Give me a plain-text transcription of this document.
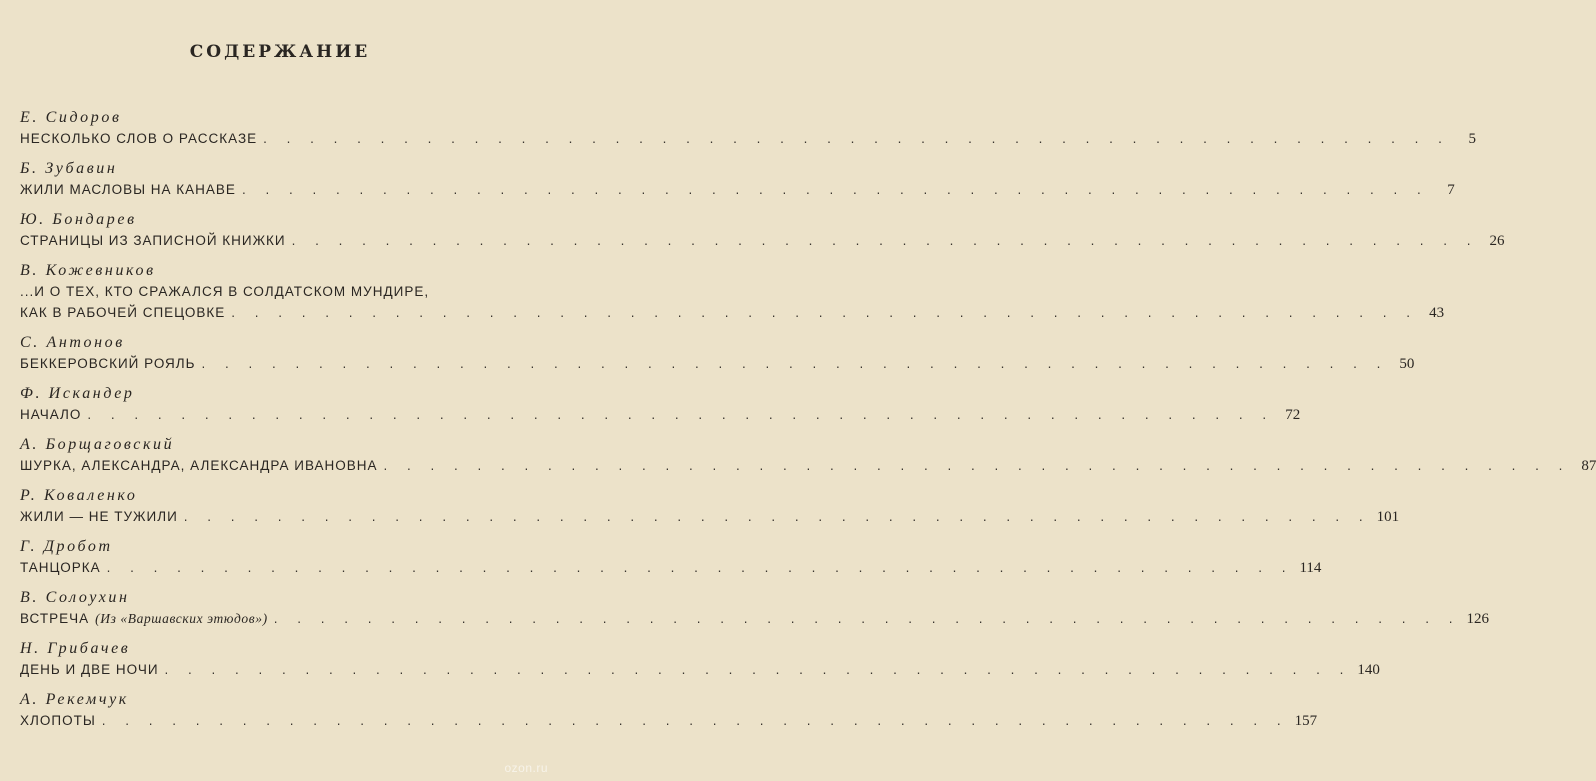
СОДЕРЖАНИЕ
Е. Сидоров
НЕСКОЛЬКО СЛОВ О РАССКАЗЕ . . . . . . . . . . . . . . . . . . . . . . . . . . . . . . . . . . . . . . . . . . . . . . . . . . .	5
Б. Зубавин
ЖИЛИ МАСЛОВЫ НА КАНАВЕ . . . . . . . . . . . . . . . . . . . . . . . . . . . . . . . . . . . . . . . . . . . . . . . . . . .	7
Ю. Бондарев
СТРАНИЦЫ ИЗ ЗАПИСНОЙ КНИЖКИ . . . . . . . . . . . . . . . . . . . . . . . . . . . . . . . . . . . . . . . . . . . . . . . . . . . 26
В. Кожевников
...И О ТЕХ, КТО СРАЖАЛСЯ В СОЛДАТСКОМ МУНДИРЕ,
КАК В РАБОЧЕЙ СПЕЦОВКЕ . . . . . . . . . . . . . . . . . . . . . . . . . . . . . . . . . . . . . . . . . . . . . . . . . . . 43
С. Антонов
БЕККЕРОВСКИЙ РОЯЛЬ . . . . . . . . . . . . . . . . . . . . . . . . . . . . . . . . . . . . . . . . . . . . . . . . . . . 50
Ф. Искандер
НАЧАЛО . . . . . . . . . . . . . . . . . . . . . . . . . . . . . . . . . . . . . . . . . . . . . . . . . . . 72
А. Борщаговский
ШУРКА, АЛЕКСАНДРА, АЛЕКСАНДРА ИВАНОВНА . . . . . . . . . . . . . . . . . . . . . . . . . . . . . . . . . . . . . . . . . . . . . . . . . . . 87
Р. Коваленко
ЖИЛИ — НЕ ТУЖИЛИ . . . . . . . . . . . . . . . . . . . . . . . . . . . . . . . . . . . . . . . . . . . . . . . . . . . 101
Г. Дробот
ТАНЦОРКА . . . . . . . . . . . . . . . . . . . . . . . . . . . . . . . . . . . . . . . . . . . . . . . . . . . 114
В. Солоухин
ВСТРЕЧА (Из «Варшавских этюдов») . . . . . . . . . . . . . . . . . . . . . . . . . . . . . . . . . . . . . . . . . . . . . . . . . . . 126
Н. Грибачев
ДЕНЬ И ДВЕ НОЧИ . . . . . . . . . . . . . . . . . . . . . . . . . . . . . . . . . . . . . . . . . . . . . . . . . . . 140
А. Рекемчук
ХЛОПОТЫ . . . . . . . . . . . . . . . . . . . . . . . . . . . . . . . . . . . . . . . . . . . . . . . . . . . 157
ozon.ru
